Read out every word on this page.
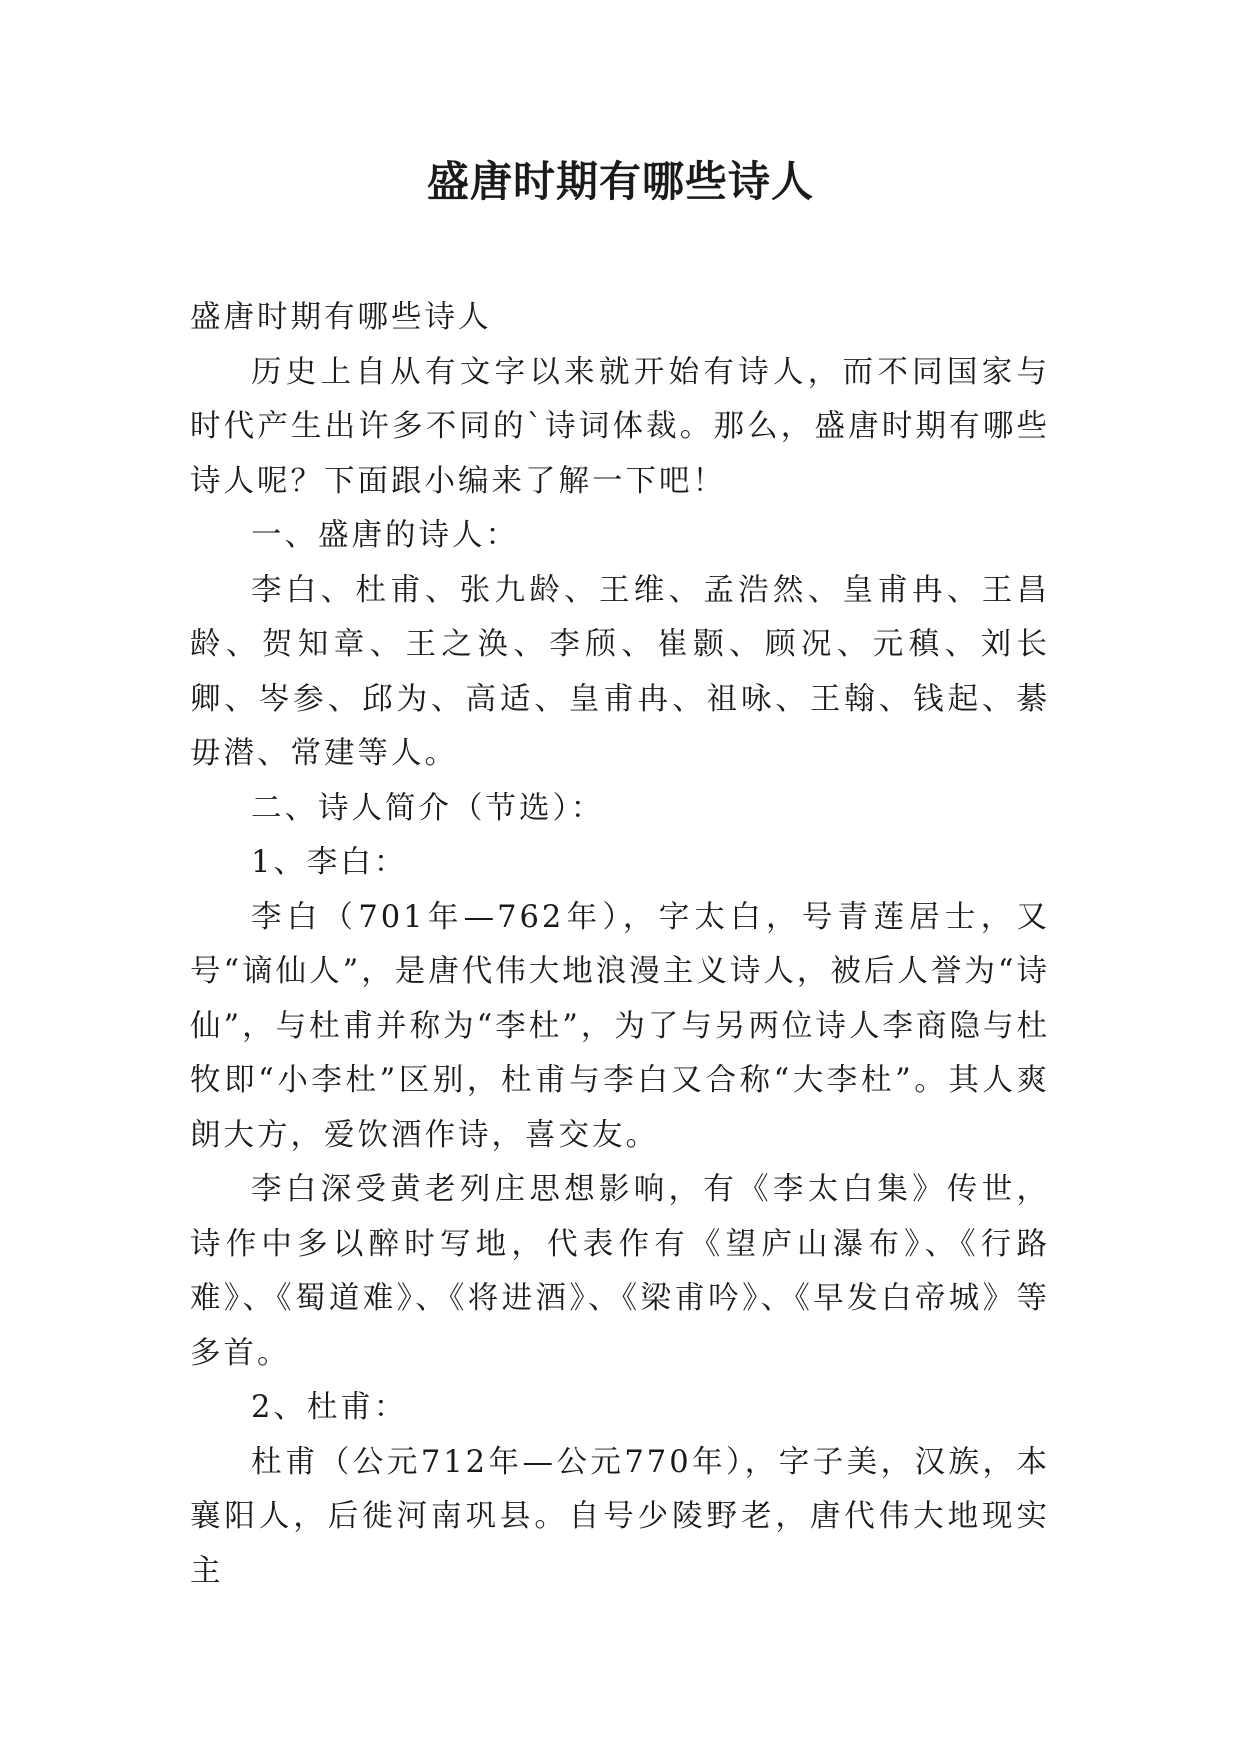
盛唐时期有哪些诗人

盛唐时期有哪些诗人

历史上自从有文字以来就开始有诗人，而不同国家与时代产生出许多不同的`诗词体裁。那么，盛唐时期有哪些诗人呢？下面跟小编来了解一下吧！

一、盛唐的诗人：

李白、杜甫、张九龄、王维、孟浩然、皇甫冉、王昌龄、贺知章、王之涣、李颀、崔颢、顾况、元稹、刘长卿、岑参、邱为、高适、皇甫冉、祖咏、王翰、钱起、綦毋潜、常建等人。

二、诗人简介（节选）：

1、李白：

李白（701年—762年），字太白，号青莲居士，又号“谪仙人”，是唐代伟大地浪漫主义诗人，被后人誉为“诗仙”，与杜甫并称为“李杜”，为了与另两位诗人李商隐与杜牧即“小李杜”区别，杜甫与李白又合称“大李杜”。其人爽朗大方，爱饮酒作诗，喜交友。

李白深受黄老列庄思想影响，有《李太白集》传世，诗作中多以醉时写地，代表作有《望庐山瀑布》、《行路难》、《蜀道难》、《将进酒》、《梁甫吟》、《早发白帝城》等多首。

2、杜甫：

杜甫（公元712年—公元770年），字子美，汉族，本襄阳人，后徙河南巩县。自号少陵野老，唐代伟大地现实主
